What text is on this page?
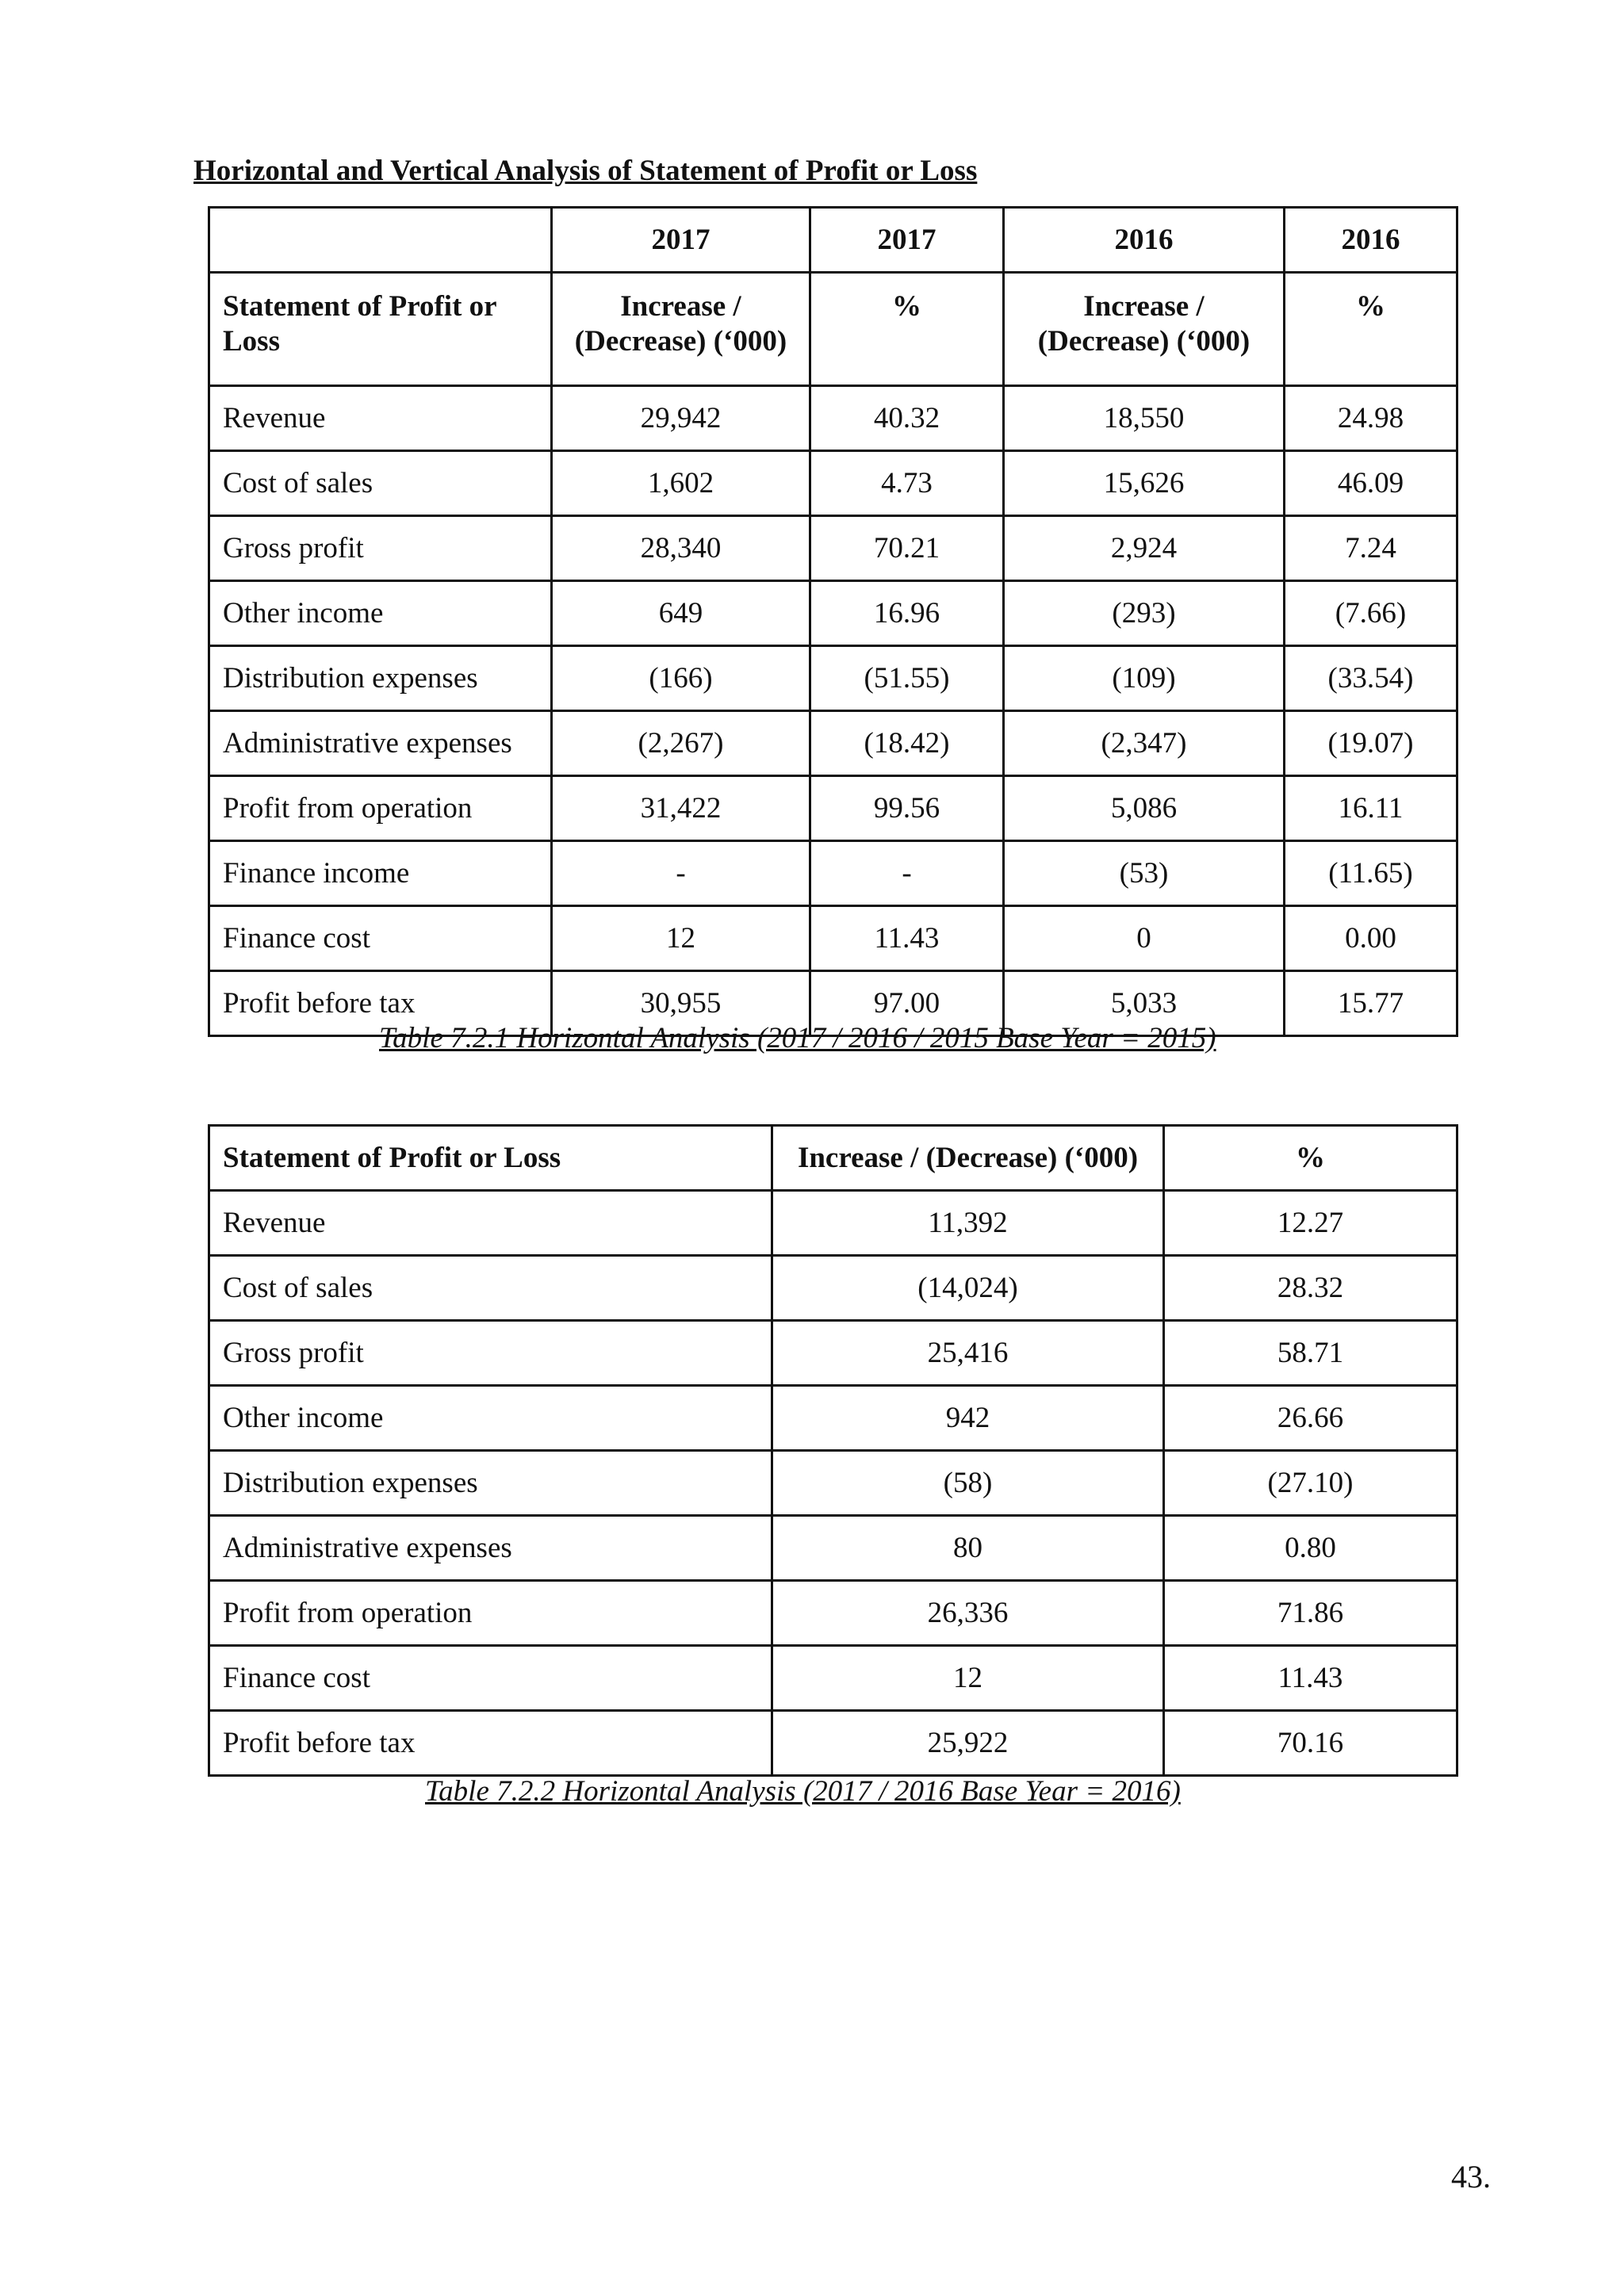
Horizontal and Vertical Analysis of Statement of Profit or Loss
	2017	2017	2016	2016
Statement of Profit or Loss	Increase / (Decrease) (‘000)	%	Increase / (Decrease) (‘000)	%
Revenue	29,942	40.32	18,550	24.98
Cost of sales	1,602	4.73	15,626	46.09
Gross profit	28,340	70.21	2,924	7.24
Other income	649	16.96	(293)	(7.66)
Distribution expenses	(166)	(51.55)	(109)	(33.54)
Administrative expenses	(2,267)	(18.42)	(2,347)	(19.07)
Profit from operation	31,422	99.56	5,086	16.11
Finance income	-	-	(53)	(11.65)
Finance cost	12	11.43	0	0.00
Profit before tax	30,955	97.00	5,033	15.77

Table 7.2.1 Horizontal Analysis (2017 / 2016 / 2015 Base Year = 2015)

Statement of Profit or Loss	Increase / (Decrease) (‘000)	%
Revenue	11,392	12.27
Cost of sales	(14,024)	28.32
Gross profit	25,416	58.71
Other income	942	26.66
Distribution expenses	(58)	(27.10)
Administrative expenses	80	0.80
Profit from operation	26,336	71.86
Finance cost	12	11.43
Profit before tax	25,922	70.16

Table 7.2.2 Horizontal Analysis (2017 / 2016 Base Year = 2016)

43.
